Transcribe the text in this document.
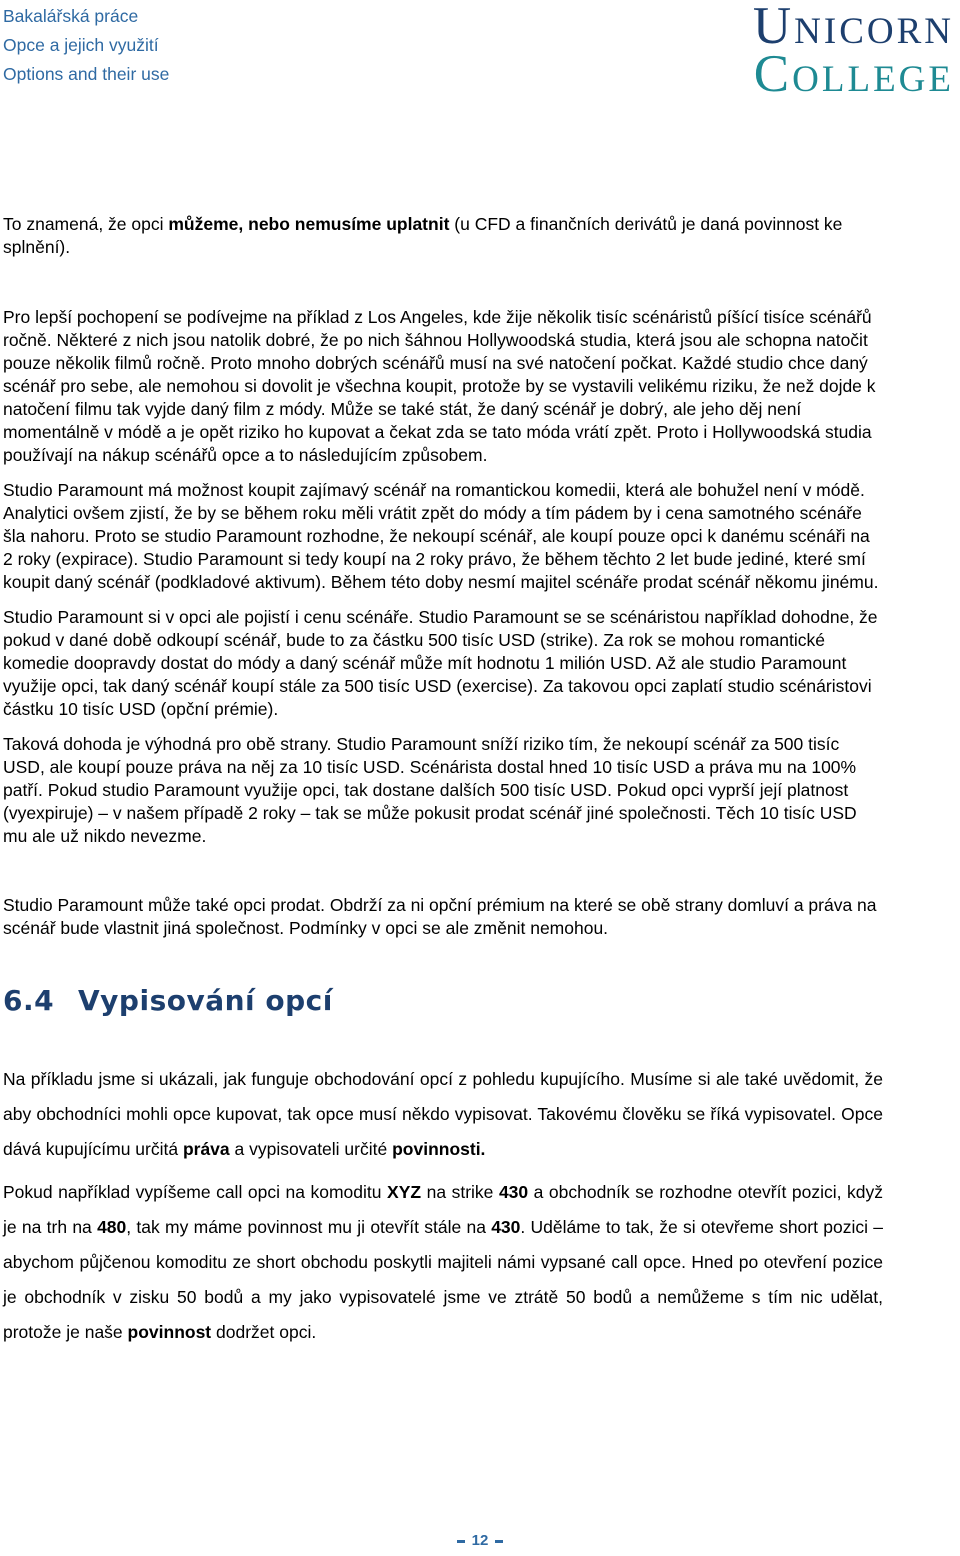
Bakalářská práce
Opce a jejich využití
Options and their use
Unicorn
College

To znamená, že opci můžeme, nebo nemusíme uplatnit (u CFD a finančních derivátů je daná povinnost ke splnění).

Pro lepší pochopení se podívejme na příklad z Los Angeles, kde žije několik tisíc scénáristů píšící tisíce scénářů ročně. Některé z nich jsou natolik dobré, že po nich šáhnou Hollywoodská studia, která jsou ale schopna natočit pouze několik filmů ročně. Proto mnoho dobrých scénářů musí na své natočení počkat. Každé studio chce daný scénář pro sebe, ale nemohou si dovolit je všechna koupit, protože by se vystavili velikému riziku, že než dojde k natočení filmu tak vyjde daný film z módy. Může se také stát, že daný scénář je dobrý, ale jeho děj není momentálně v módě a je opět riziko ho kupovat a čekat zda se tato móda vrátí zpět. Proto i Hollywoodská studia používají na nákup scénářů opce a to následujícím způsobem.

Studio Paramount má možnost koupit zajímavý scénář na romantickou komedii, která ale bohužel není v módě. Analytici ovšem zjistí, že by se během roku měli vrátit zpět do módy a tím pádem by i cena samotného scénáře šla nahoru. Proto se studio Paramount rozhodne, že nekoupí scénář, ale koupí pouze opci k danému scénáři na 2 roky (expirace). Studio Paramount si tedy koupí na 2 roky právo, že během těchto 2 let bude jediné, které smí koupit daný scénář (podkladové aktivum). Během této doby nesmí majitel scénáře prodat scénář někomu jinému.

Studio Paramount si v opci ale pojistí i cenu scénáře. Studio Paramount se se scénáristou například dohodne, že pokud v dané době odkoupí scénář, bude to za částku 500 tisíc USD (strike). Za rok se mohou romantické komedie doopravdy dostat do módy a daný scénář může mít hodnotu 1 milión USD. Až ale studio Paramount využije opci, tak daný scénář koupí stále za 500 tisíc USD (exercise). Za takovou opci zaplatí studio scénáristovi částku 10 tisíc USD (opční prémie).

Taková dohoda je výhodná pro obě strany. Studio Paramount sníží riziko tím, že nekoupí scénář za 500 tisíc USD, ale koupí pouze práva na něj za 10 tisíc USD. Scénárista dostal hned 10 tisíc USD a práva mu na 100% patří. Pokud studio Paramount využije opci, tak dostane dalších 500 tisíc USD. Pokud opci vyprší její platnost (vyexpiruje) – v našem případě 2 roky – tak se může pokusit prodat scénář jiné společnosti. Těch 10 tisíc USD mu ale už nikdo nevezme.

Studio Paramount může také opci prodat. Obdrží za ni opční prémium na které se obě strany domluví a práva na scénář bude vlastnit jiná společnost. Podmínky v opci se ale změnit nemohou.

6.4 Vypisování opcí

Na příkladu jsme si ukázali, jak funguje obchodování opcí z pohledu kupujícího. Musíme si ale také uvědomit, že aby obchodníci mohli opce kupovat, tak opce musí někdo vypisovat. Takovému člověku se říká vypisovatel. Opce dává kupujícímu určitá práva a vypisovateli určité povinnosti.

Pokud například vypíšeme call opci na komoditu XYZ na strike 430 a obchodník se rozhodne otevřít pozici, když je na trh na 480, tak my máme povinnost mu ji otevřít stále na 430. Uděláme to tak, že si otevřeme short pozici – abychom půjčenou komoditu ze short obchodu poskytli majiteli námi vypsané call opce. Hned po otevření pozice je obchodník v zisku 50 bodů a my jako vypisovatelé jsme ve ztrátě 50 bodů a nemůžeme s tím nic udělat, protože je naše povinnost dodržet opci.

12
